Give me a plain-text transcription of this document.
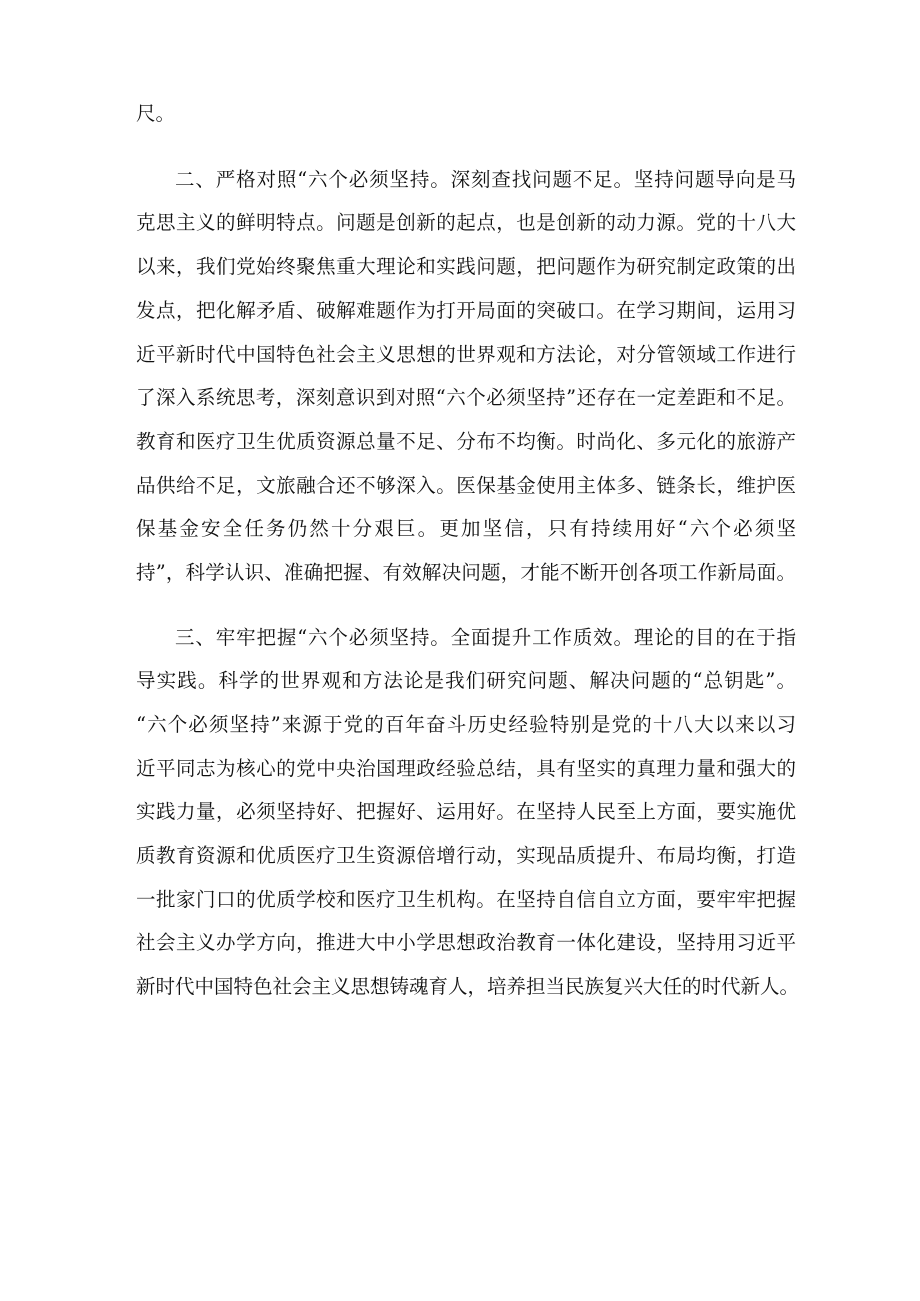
尺。
二、严格对照“六个必须坚持。深刻查找问题不足。坚持问题导向是马
克思主义的鲜明特点。问题是创新的起点，也是创新的动力源。党的十八大
以来，我们党始终聚焦重大理论和实践问题，把问题作为研究制定政策的出
发点，把化解矛盾、破解难题作为打开局面的突破口。在学习期间，运用习
近平新时代中国特色社会主义思想的世界观和方法论，对分管领域工作进行
了深入系统思考，深刻意识到对照“六个必须坚持”还存在一定差距和不足。
教育和医疗卫生优质资源总量不足、分布不均衡。时尚化、多元化的旅游产
品供给不足，文旅融合还不够深入。医保基金使用主体多、链条长，维护医
保基金安全任务仍然十分艰巨。更加坚信，只有持续用好“六个必须坚
持”，科学认识、准确把握、有效解决问题，才能不断开创各项工作新局面。
三、牢牢把握“六个必须坚持。全面提升工作质效。理论的目的在于指
导实践。科学的世界观和方法论是我们研究问题、解决问题的“总钥匙”。
“六个必须坚持”来源于党的百年奋斗历史经验特别是党的十八大以来以习
近平同志为核心的党中央治国理政经验总结，具有坚实的真理力量和强大的
实践力量，必须坚持好、把握好、运用好。在坚持人民至上方面，要实施优
质教育资源和优质医疗卫生资源倍增行动，实现品质提升、布局均衡，打造
一批家门口的优质学校和医疗卫生机构。在坚持自信自立方面，要牢牢把握
社会主义办学方向，推进大中小学思想政治教育一体化建设，坚持用习近平
新时代中国特色社会主义思想铸魂育人，培养担当民族复兴大任的时代新人。
